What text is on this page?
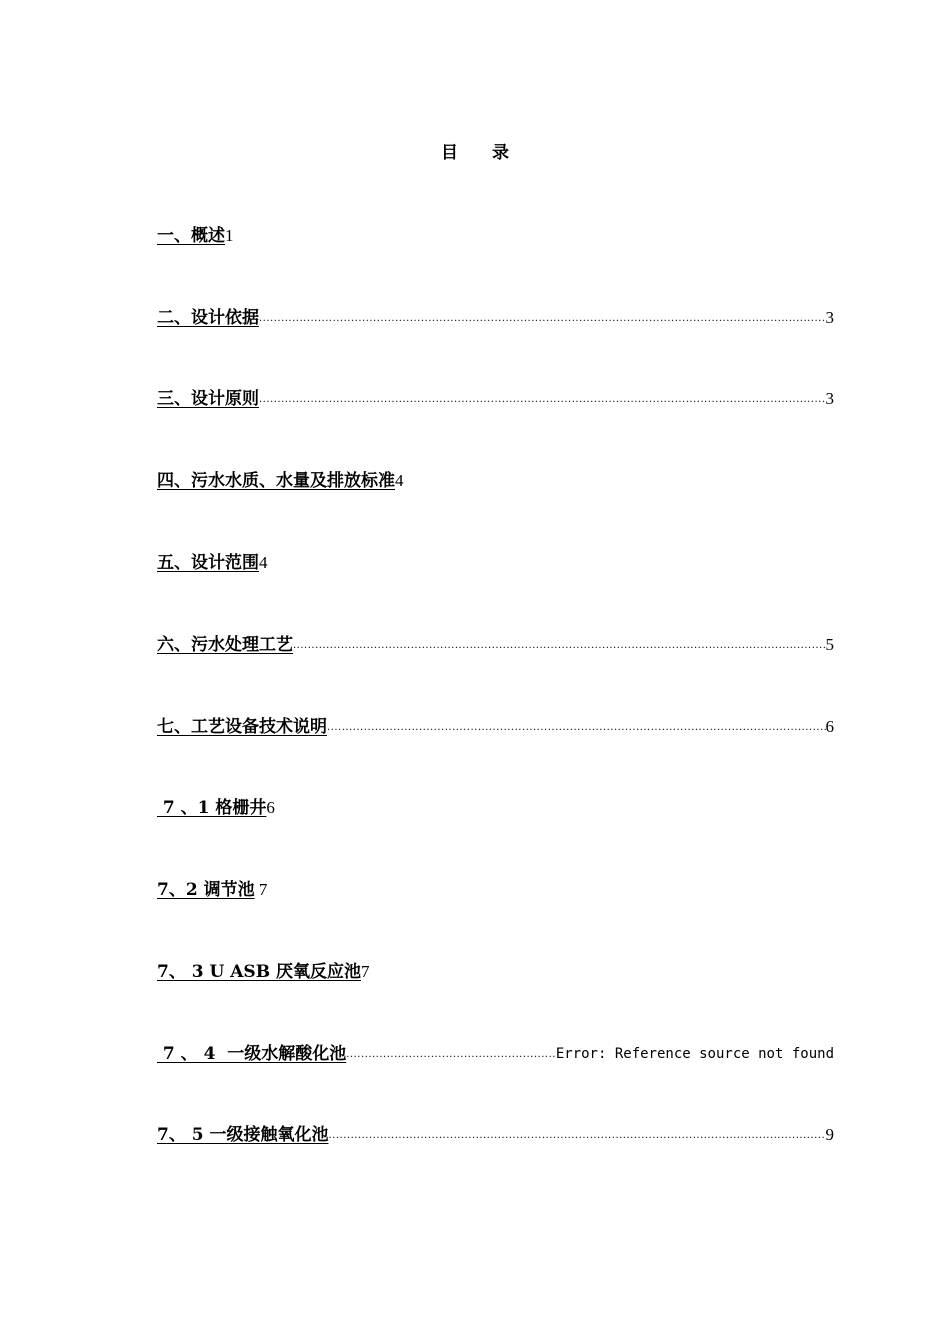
目 录
一、概述1
二、设计依据 .....	3
三、设计原则 .....	3
四、污水水质、水量及排放标准4
五、设计范围4
六、污水处理工艺 .....	5
七、工艺设备技术说明 .....	6
7 、1 格栅井6
7、2 调节池 7
7、 3 U ASB 厌氧反应池7
7 、 4  一级水解酸化池 .....	Error: Reference source not found
7、 5 一级接触氧化池 .....	9
